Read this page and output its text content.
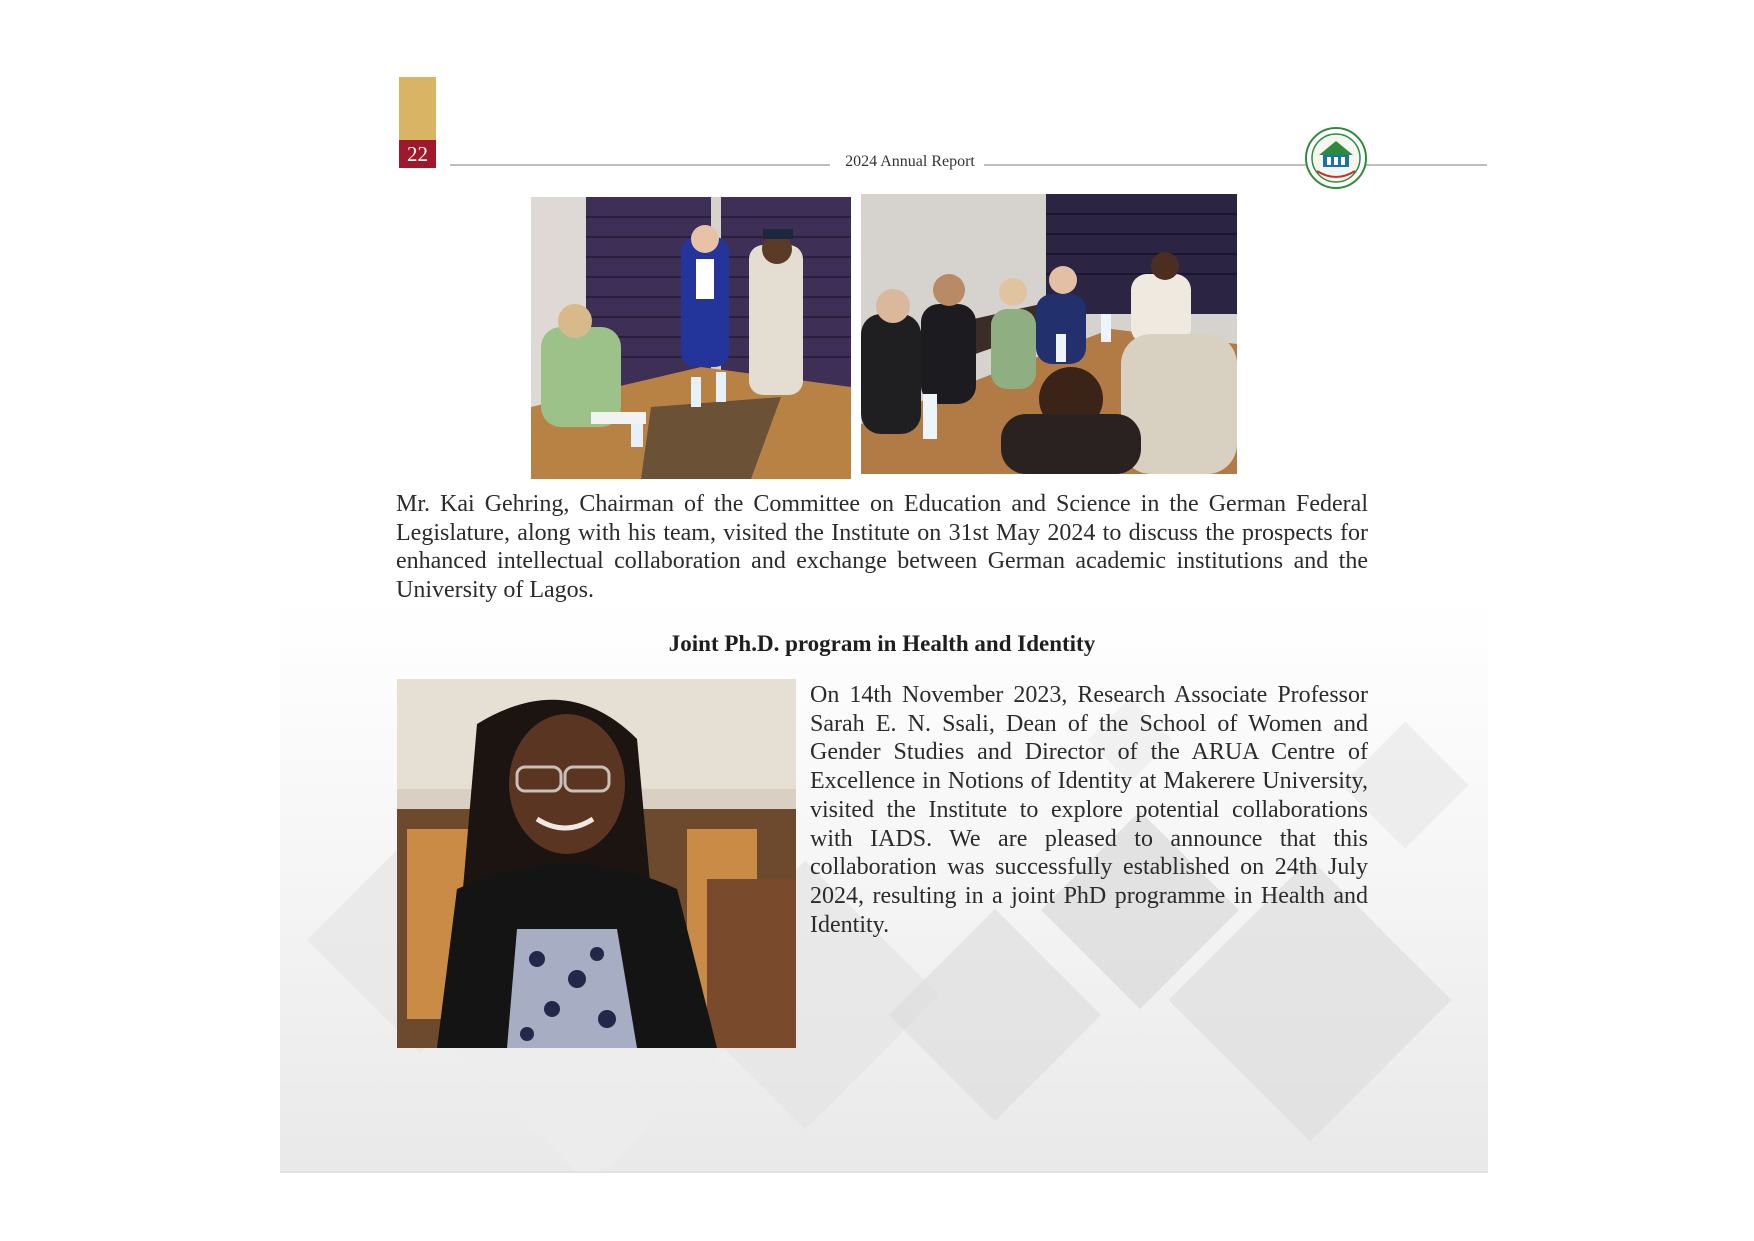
22	2024 Annual Report
Mr. Kai Gehring, Chairman of the Committee on Education and Science in the German Federal Legislature, along with his team, visited the Institute on 31st May 2024 to discuss the prospects for enhanced intellectual collaboration and exchange between German academic institutions and the University of Lagos.
Joint Ph.D. program in Health and Identity
On 14th November 2023, Research Associate Professor Sarah E. N. Ssali, Dean of the School of Women and Gender Studies and Director of the ARUA Centre of Excellence in Notions of Identity at Makerere University, visited the Institute to explore potential collaborations with IADS. We are pleased to announce that this collaboration was successfully established on 24th July 2024, resulting in a joint PhD programme in Health and Identity.
